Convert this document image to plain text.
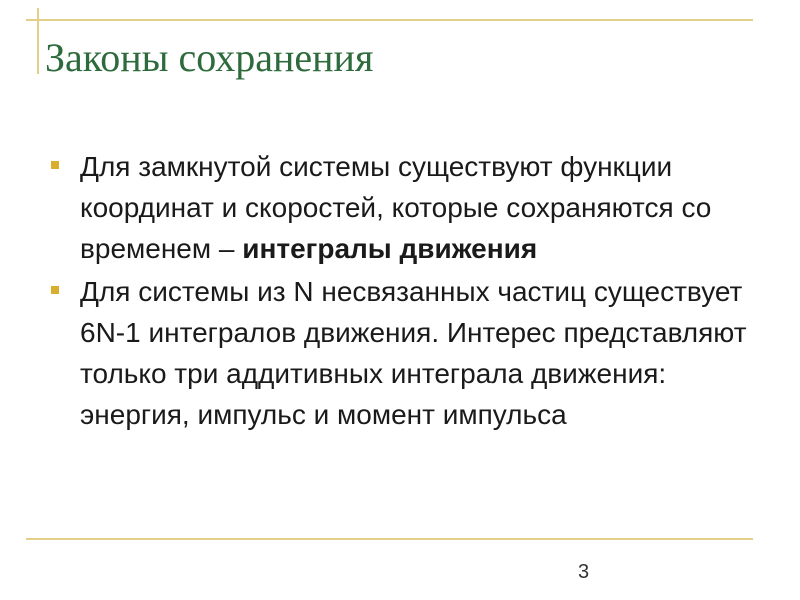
Законы сохранения
Для замкнутой системы существуют функции координат и скоростей, которые сохраняются со временем – интегралы движения
Для системы из N несвязанных частиц существует 6N-1 интегралов движения. Интерес представляют только три аддитивных интеграла движения: энергия, импульс и момент импульса
3
